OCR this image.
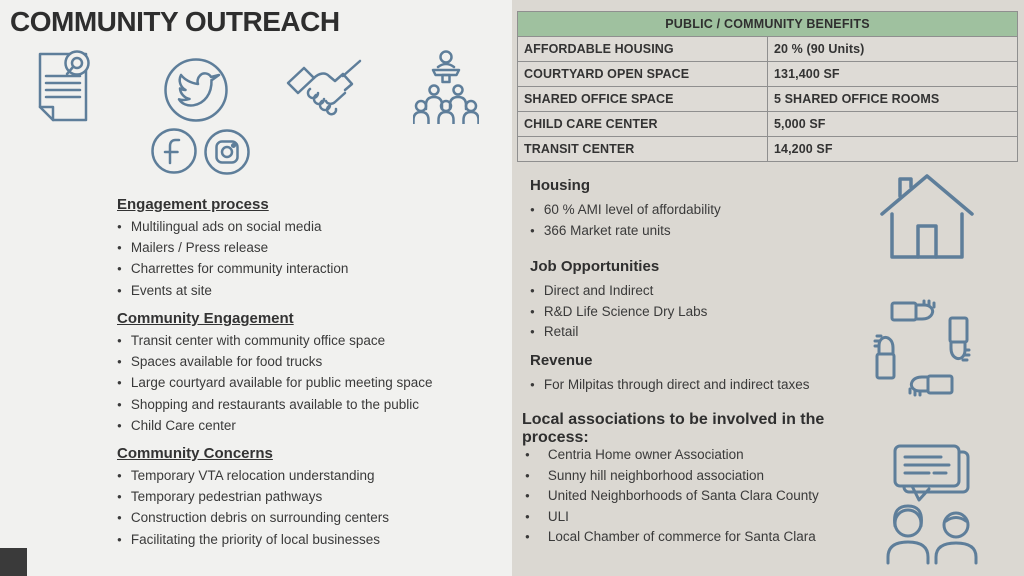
COMMUNITY OUTREACH
Engagement process
● Multilingual ads on social media
● Mailers / Press release
● Charrettes for community interaction
● Events at site
Community Engagement
● Transit center with community office space
● Spaces available for food trucks
● Large courtyard available for public meeting space
● Shopping and restaurants available to the public
● Child Care center
Community Concerns
● Temporary VTA relocation understanding
● Temporary pedestrian pathways
● Construction debris on surrounding centers
● Facilitating the priority of local businesses
PUBLIC / COMMUNITY BENEFITS	
AFFORDABLE HOUSING	20 % (90 Units)
COURTYARD OPEN SPACE	131,400 SF
SHARED OFFICE SPACE	5 SHARED OFFICE ROOMS
CHILD CARE CENTER	5,000 SF
TRANSIT CENTER	14,200 SF
Housing
● 60 % AMI level of affordability
● 366 Market rate units
Job Opportunities
● Direct and Indirect
● R&D Life Science Dry Labs
● Retail
Revenue
● For Milpitas through direct and indirect taxes
Local associations to be involved in the process:
● Centria Home owner Association
● Sunny hill neighborhood association
● United Neighborhoods of Santa Clara County
● ULI
● Local Chamber of commerce for Santa Clara
